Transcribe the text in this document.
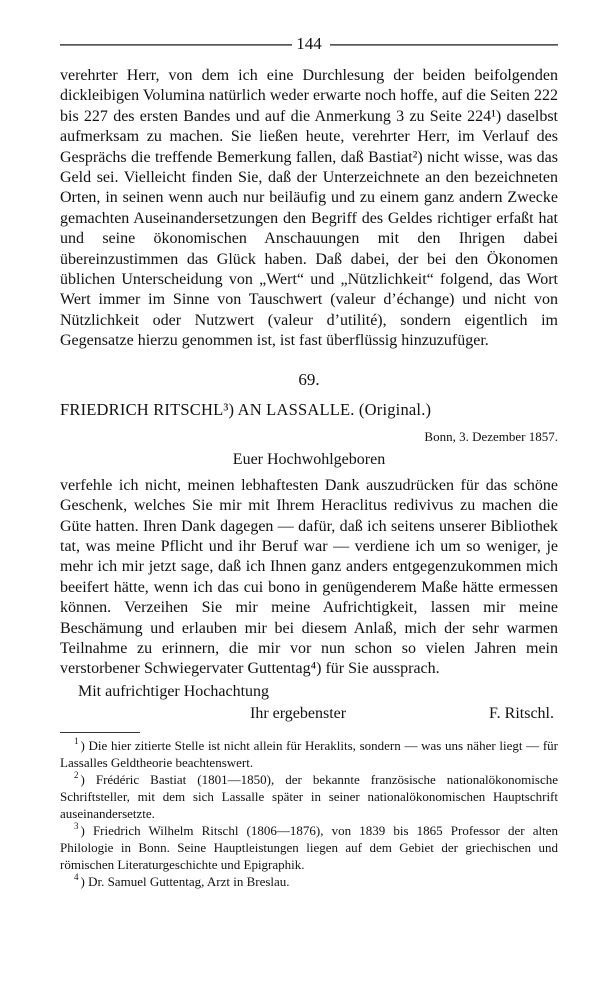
144

verehrter Herr, von dem ich eine Durchlesung der beiden beifolgenden dickleibigen Volumina natürlich weder erwarte noch hoffe, auf die Seiten 222 bis 227 des ersten Bandes und auf die Anmerkung 3 zu Seite 224¹) daselbst aufmerksam zu machen. Sie ließen heute, verehrter Herr, im Verlauf des Gesprächs die treffende Bemerkung fallen, daß Bastiat²) nicht wisse, was das Geld sei. Vielleicht finden Sie, daß der Unterzeichnete an den bezeichneten Orten, in seinen wenn auch nur beiläufig und zu einem ganz andern Zwecke gemachten Auseinandersetzungen den Begriff des Geldes richtiger erfaßt hat und seine ökonomischen Anschauungen mit den Ihrigen dabei übereinzustimmen das Glück haben. Daß dabei, der bei den Ökonomen üblichen Unterscheidung von „Wert“ und „Nützlichkeit“ folgend, das Wort Wert immer im Sinne von Tauschwert (valeur d’échange) und nicht von Nützlichkeit oder Nutzwert (valeur d’utilité), sondern eigentlich im Gegensatze hierzu genommen ist, ist fast überflüssig hinzuzufüger.

69.

FRIEDRICH RITSCHL³) AN LASSALLE. (Original.)

Bonn, 3. Dezember 1857.

Euer Hochwohlgeboren

verfehle ich nicht, meinen lebhaftesten Dank auszudrücken für das schöne Geschenk, welches Sie mir mit Ihrem Heraclitus redivivus zu machen die Güte hatten. Ihren Dank dagegen — dafür, daß ich seitens unserer Bibliothek tat, was meine Pflicht und ihr Beruf war — verdiene ich um so weniger, je mehr ich mir jetzt sage, daß ich Ihnen ganz anders entgegenzukommen mich beeifert hätte, wenn ich das cui bono in genügenderem Maße hätte ermessen können. Verzeihen Sie mir meine Aufrichtigkeit, lassen mir meine Beschämung und erlauben mir bei diesem Anlaß, mich der sehr warmen Teilnahme zu erinnern, die mir vor nun schon so vielen Jahren mein verstorbener Schwiegervater Guttentag⁴) für Sie aussprach.

Mit aufrichtiger Hochachtung

Ihr ergebenster	F. Ritschl.

$^1$ ) Die hier zitierte Stelle ist nicht allein für Heraklits, sondern — was uns näher liegt — für Lassalles Geldtheorie beachtenswert.

$^2$ ) Frédéric Bastiat (1801—1850), der bekannte französische nationalökonomische Schriftsteller, mit dem sich Lassalle später in seiner nationalökonomischen Hauptschrift auseinandersetzte.

$^3$ ) Friedrich Wilhelm Ritschl (1806—1876), von 1839 bis 1865 Professor der alten Philologie in Bonn. Seine Hauptleistungen liegen auf dem Gebiet der griechischen und römischen Literaturgeschichte und Epigraphik.

$^4$ ) Dr. Samuel Guttentag, Arzt in Breslau.
